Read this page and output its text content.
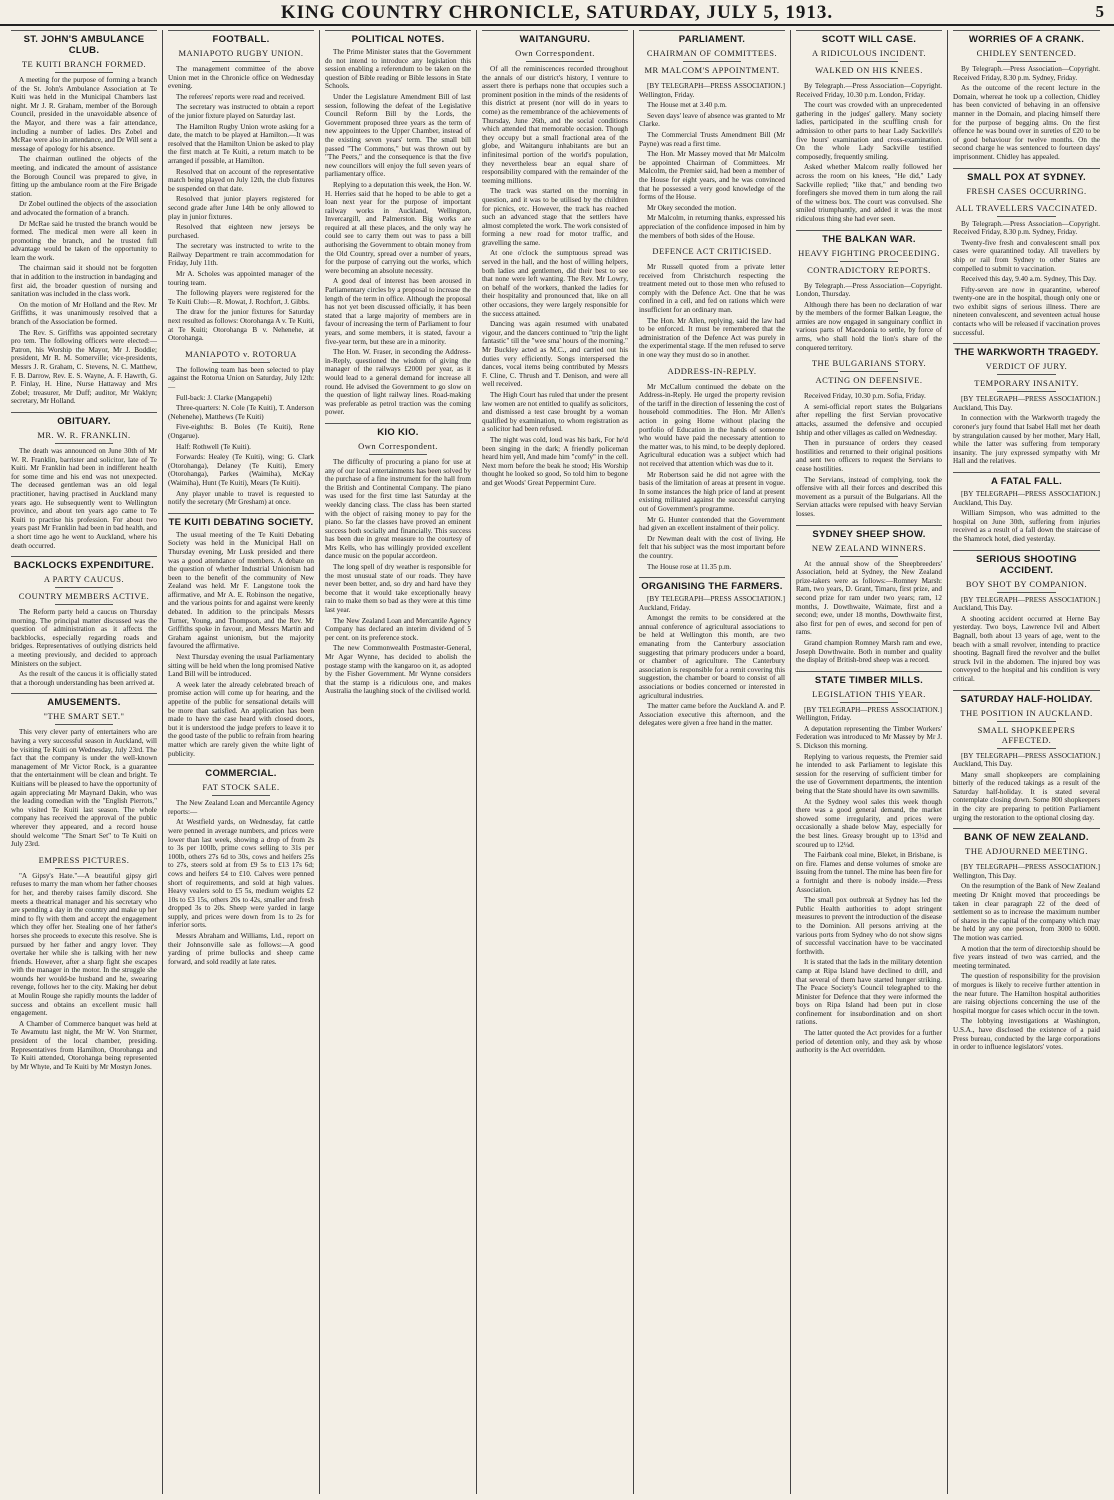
KING COUNTRY CHRONICLE, SATURDAY, JULY 5, 1913.	5
ST. JOHN'S AMBULANCE CLUB.
TE KUITI BRANCH FORMED.

A meeting for the purpose of forming a branch of the St. John's Ambulance Association at Te Kuiti was held in the Municipal Chambers last night. Mr J. R. Graham, member of the Borough Council, presided in the unavoidable absence of the Mayor, and there was a fair attendance, including a number of ladies. Drs Zobel and McRae were also in attendance, and Dr Will sent a message of apology for his absence.

The chairman outlined the objects of the meeting, and indicated the amount of assistance the Borough Council was prepared to give, in fitting up the ambulance room at the Fire Brigade station.

Dr Zobel outlined the objects of the association and advocated the formation of a branch.

Dr McRae said he trusted the branch would be formed. The medical men were all keen in promoting the branch, and he trusted full advantage would be taken of the opportunity to learn the work.

The chairman said it should not be forgotten that in addition to the instruction in bandaging and first aid, the broader question of nursing and sanitation was included in the class work.

On the motion of Mr Holland and the Rev. Mr Griffiths, it was unanimously resolved that a branch of the Association be formed.

The Rev. S. Griffiths was appointed secretary pro tem. The following officers were elected:— Patron, his Worship the Mayor, Mr J. Boddie; president, Mr R. M. Somerville; vice-presidents, Messrs J. R. Graham, C. Stevens, N. C. Matthew, F. B. Darrow, Rev. E. S. Wayne, A. F. Hawrth, G. P. Finlay, H. Hine, Nurse Hattaway and Mrs Zobel; treasurer, Mr Duff; auditor, Mr Waklyn; secretary, Mr Holland.

OBITUARY.
MR. W. R. FRANKLIN.

The death was announced on June 30th of Mr W. R. Franklin, barrister and solicitor, late of Te Kuiti. Mr Franklin had been in indifferent health for some time and his end was not unexpected. The deceased gentleman was an old legal practitioner, having practised in Auckland many years ago. He subsequently went to Wellington province, and about ten years ago came to Te Kuiti to practise his profession. For about two years past Mr Franklin had been in bad health, and a short time ago he went to Auckland, where his death occurred.

BACKLOCKS EXPENDITURE.
A PARTY CAUCUS.
COUNTRY MEMBERS ACTIVE.

The Reform party held a caucus on Thursday morning. The principal matter discussed was the question of administration as it affects the backblocks, especially regarding roads and bridges. Representatives of outlying districts held a meeting previously, and decided to approach Ministers on the subject.

As the result of the caucus it is officially stated that a thorough understanding has been arrived at.

AMUSEMENTS.
"THE SMART SET."

This very clever party of entertainers who are having a very successful season in Auckland, will be visiting Te Kuiti on Wednesday, July 23rd. The fact that the company is under the well-known management of Mr Victor Rock, is a guarantee that the entertainment will be clean and bright. Te Kuitians will be pleased to have the opportunity of again appreciating Mr Maynard Dakin, who was the leading comedian with the "English Pierrots," who visited Te Kuiti last season. The whole company has received the approval of the public wherever they appeared, and a record house should welcome "The Smart Set" to Te Kuiti on July 23rd.

EMPRESS PICTURES.

"A Gipsy's Hate."—A beautiful gipsy girl refuses to marry the man whom her father chooses for her, and thereby raises family discord. She meets a theatrical manager and his secretary who are spending a day in the country and make up her mind to fly with them and accept the engagement which they offer her. Stealing one of her father's horses she proceeds to execute this resolve. She is pursued by her father and angry lover. They overtake her while she is talking with her new friends. However, after a sharp fight she escapes with the manager in the motor. In the struggle she wounds her would-be husband and he, swearing revenge, follows her to the city. Making her debut at Moulin Rouge she rapidly mounts the ladder of success and obtains an excellent music hall engagement.

A Chamber of Commerce banquet was held at Te Awamutu last night, the Mr W. Von Sturmer, president of the local chamber, presiding. Representatives from Hamilton, Otorohanga and Te Kuiti attended, Otorohanga being represented by Mr Whyte, and Te Kuiti by Mr Mostyn Jones.

FOOTBALL.
MANIAPOTO RUGBY UNION.

The management committee of the above Union met in the Chronicle office on Wednesday evening.

The referees' reports were read and received.

The secretary was instructed to obtain a report of the junior fixture played on Saturday last.

The Hamilton Rugby Union wrote asking for a date, the match to be played at Hamilton.—It was resolved that the Hamilton Union be asked to play the first match at Te Kuiti, a return match to be arranged if possible, at Hamilton.

Resolved that on account of the representative match being played on July 12th, the club fixtures be suspended on that date.

Resolved that junior players registered for second grade after June 14th be only allowed to play in junior fixtures.

Resolved that eighteen new jerseys be purchased.

The secretary was instructed to write to the Railway Department re train accommodation for Friday, July 11th.

Mr A. Scholes was appointed manager of the touring team.

The following players were registered for the Te Kuiti Club:—R. Mowat, J. Rochfort, J. Gibbs.

The draw for the junior fixtures for Saturday next resulted as follows: Otorohanga A v. Te Kuiti, at Te Kuiti; Otorohanga B v. Nehenehe, at Otorohanga.

MANIAPOTO v. ROTORUA

The following team has been selected to play against the Rotorua Union on Saturday, July 12th:—

Full-back: J. Clarke (Mangapehi)

Three-quarters: N. Cole (Te Kuiti), T. Anderson (Nehenehe), Matthews (Te Kuiti)

Five-eighths: B. Boles (Te Kuiti), Rene (Ongarue).

Half: Rothwell (Te Kuiti).

Forwards: Healey (Te Kuiti), wing; G. Clark (Otorohanga), Delaney (Te Kuiti), Emery (Otorohanga), Parkes (Waimiha), McKay (Waimiha), Hunt (Te Kuiti), Mears (Te Kuiti).

Any player unable to travel is requested to notify the secretary (Mr Gresham) at once.

TE KUITI DEBATING SOCIETY.

The usual meeting of the Te Kuiti Debating Society was held in the Municipal Hall on Thursday evening, Mr Lusk presided and there was a good attendance of members. A debate on the question of whether Industrial Unionism had been to the benefit of the community of New Zealand was held. Mr F. Langstone took the affirmative, and Mr A. E. Robinson the negative, and the various points for and against were keenly debated. In addition to the principals Messrs Turner, Young, and Thompson, and the Rev. Mr Griffiths spoke in favour, and Messrs Martin and Graham against unionism, but the majority favoured the affirmative.

Next Thursday evening the usual Parliamentary sitting will be held when the long promised Native Land Bill will be introduced.

A week later the already celebrated breach of promise action will come up for hearing, and the appetite of the public for sensational details will be more than satisfied. An application has been made to have the case heard with closed doors, but it is understood the judge prefers to leave it to the good taste of the public to refrain from hearing matter which are rarely given the white light of publicity.

COMMERCIAL.
FAT STOCK SALE.

The New Zealand Loan and Mercantile Agency reports:—

At Westfield yards, on Wednesday, fat cattle were penned in average numbers, and prices were lower than last week, showing a drop of from 2s to 3s per 100lb, prime cows selling to 31s per 100lb, others 27s 6d to 30s, cows and heifers 25s to 27s, steers sold at from £9 5s to £13 17s 6d; cows and heifers £4 to £10. Calves were penned short of requirements, and sold at high values. Heavy vealers sold to £5 5s, medium weights £2 10s to £3 15s, others 20s to 42s, smaller and fresh dropped 3s to 20s. Sheep were yarded in large supply, and prices were down from 1s to 2s for inferior sorts.

Messrs Abraham and Williams, Ltd., report on their Johnsonville sale as follows:—A good yarding of prime bullocks and sheep came forward, and sold readily at late rates.

POLITICAL NOTES.

The Prime Minister states that the Government do not intend to introduce any legislation this session enabling a referendum to be taken on the question of Bible reading or Bible lessons in State Schools.

Under the Legislature Amendment Bill of last session, following the defeat of the Legislative Council Reform Bill by the Lords, the Government proposed three years as the term of new appointees to the Upper Chamber, instead of the existing seven years' term. The small bill passed "The Commons," but was thrown out by "The Peers," and the consequence is that the five new councillors will enjoy the full seven years of parliamentary office.

Replying to a deputation this week, the Hon. W. H. Herries said that he hoped to be able to get a loan next year for the purpose of important railway works in Auckland, Wellington, Invercargill, and Palmerston. Big works are required at all these places, and the only way he could see to carry them out was to pass a bill authorising the Government to obtain money from the Old Country, spread over a number of years, for the purpose of carrying out the works, which were becoming an absolute necessity.

A good deal of interest has been aroused in Parliamentary circles by a proposal to increase the length of the term in office. Although the proposal has not yet been discussed officially, it has been stated that a large majority of members are in favour of increasing the term of Parliament to four years, and some members, it is stated, favour a five-year term, but these are in a minority.

The Hon. W. Fraser, in seconding the Address-in-Reply, questioned the wisdom of giving the manager of the railways £2000 per year, as it would lead to a general demand for increase all round. He advised the Government to go slow on the question of light railway lines. Road-making was preferable as petrol traction was the coming power.

KIO KIO.
Own Correspondent.

The difficulty of procuring a piano for use at any of our local entertainments has been solved by the purchase of a fine instrument for the hall from the British and Continental Company. The piano was used for the first time last Saturday at the weekly dancing class. The class has been started with the object of raising money to pay for the piano. So far the classes have proved an eminent success both socially and financially. This success has been due in great measure to the courtesy of Mrs Kells, who has willingly provided excellent dance music on the popular accordeon.

The long spell of dry weather is responsible for the most unusual state of our roads. They have never been better, and, so dry and hard have they become that it would take exceptionally heavy rain to make them so bad as they were at this time last year.

The New Zealand Loan and Mercantile Agency Company has declared an interim dividend of 5 per cent. on its preference stock.

The new Commonwealth Postmaster-General, Mr Agar Wynne, has decided to abolish the postage stamp with the kangaroo on it, as adopted by the Fisher Government. Mr Wynne considers that the stamp is a ridiculous one, and makes Australia the laughing stock of the civilised world.

WAITANGURU.
Own Correspondent.

Of all the reminiscences recorded throughout the annals of our district's history, I venture to assert there is perhaps none that occupies such a prominent position in the minds of the residents of this district at present (nor will do in years to come) as the remembrance of the achievements of Thursday, June 26th, and the social conditions which attended that memorable occasion. Though they occupy but a small fractional area of the globe, and Waitanguru inhabitants are but an infinitesimal portion of the world's population, they nevertheless bear an equal share of responsibility compared with the remainder of the teeming millions.

The track was started on the morning in question, and it was to be utilised by the children for picnics, etc. However, the track has reached such an advanced stage that the settlers have almost completed the work. The work consisted of forming a new road for motor traffic, and gravelling the same.

At one o'clock the sumptuous spread was served in the hall, and the host of willing helpers, both ladies and gentlemen, did their best to see that none were left wanting. The Rev. Mr Lowry, on behalf of the workers, thanked the ladies for their hospitality and pronounced that, like on all other occasions, they were largely responsible for the success attained.

Dancing was again resumed with unabated vigour, and the dancers continued to "trip the light fantastic" till the "wee sma' hours of the morning." Mr Buckley acted as M.C., and carried out his duties very efficiently. Songs interspersed the dances, vocal items being contributed by Messrs F. Cline, C. Thrush and T. Denison, and were all well received.

The High Court has ruled that under the present law women are not entitled to qualify as solicitors, and dismissed a test case brought by a woman qualified by examination, to whom registration as a solicitor had been refused.

The night was cold, loud was his bark, For he'd been singing in the dark; A friendly policeman heard him yell, And made him "comfy" in the cell. Next morn before the beak he stood; His Worship thought he looked so good, So told him to begone and get Woods' Great Peppermint Cure.

PARLIAMENT.
CHAIRMAN OF COMMITTEES.
MR MALCOM'S APPOINTMENT.

[BY TELEGRAPH—PRESS ASSOCIATION.] Wellington, Friday.

The House met at 3.40 p.m.

Seven days' leave of absence was granted to Mr Clarke.

The Commercial Trusts Amendment Bill (Mr Payne) was read a first time.

The Hon. Mr Massey moved that Mr Malcolm be appointed Chairman of Committees. Mr Malcolm, the Premier said, had been a member of the House for eight years, and he was convinced that he possessed a very good knowledge of the forms of the House.

Mr Okey seconded the motion.

Mr Malcolm, in returning thanks, expressed his appreciation of the confidence imposed in him by the members of both sides of the House.

DEFENCE ACT CRITICISED.

Mr Russell quoted from a private letter received from Christchurch respecting the treatment meted out to those men who refused to comply with the Defence Act. One that he was confined in a cell, and fed on rations which were insufficient for an ordinary man.

The Hon. Mr Allen, replying, said the law had to be enforced. It must be remembered that the administration of the Defence Act was purely in the experimental stage. If the men refused to serve in one way they must do so in another.

ADDRESS-IN-REPLY.

Mr McCallum continued the debate on the Address-in-Reply. He urged the property revision of the tariff in the direction of lessening the cost of household commodities. The Hon. Mr Allen's action in going Home without placing the portfolio of Education in the hands of someone who would have paid the necessary attention to the matter was, to his mind, to be deeply deplored. Agricultural education was a subject which had not received that attention which was due to it.

Mr Robertson said he did not agree with the basis of the limitation of areas at present in vogue. In some instances the high price of land at present existing militated against the successful carrying out of Government's programme.

Mr G. Hunter contended that the Government had given an excellent instalment of their policy.

Dr Newman dealt with the cost of living. He felt that his subject was the most important before the country.

The House rose at 11.35 p.m.

ORGANISING THE FARMERS.

[BY TELEGRAPH—PRESS ASSOCIATION.] Auckland, Friday.

Amongst the remits to be considered at the annual conference of agricultural associations to be held at Wellington this month, are two emanating from the Canterbury association suggesting that primary producers under a board, or chamber of agriculture. The Canterbury association is responsible for a remit covering this suggestion, the chamber or board to consist of all associations or bodies concerned or interested in agricultural industries.

The matter came before the Auckland A. and P. Association executive this afternoon, and the delegates were given a free hand in the matter.

SCOTT WILL CASE.
A RIDICULOUS INCIDENT.
WALKED ON HIS KNEES.

By Telegraph.—Press Association—Copyright. Received Friday, 10.30 p.m. London, Friday.

The court was crowded with an unprecedented gathering in the judges' gallery. Many society ladies, participated in the scuffling crush for admission to other parts to hear Lady Sackville's five hours' examination and cross-examination. On the whole Lady Sackville testified composedly, frequently smiling.

Asked whether Malcom really followed her across the room on his knees, "He did," Lady Sackville replied; "like that," and bending two forefingers she moved them in turn along the rail of the witness box. The court was convulsed. She smiled triumphantly, and added it was the most ridiculous thing she had ever seen.

THE BALKAN WAR.
HEAVY FIGHTING PROCEEDING.
CONTRADICTORY REPORTS.

By Telegraph.—Press Association—Copyright. London, Thursday.

Although there has been no declaration of war by the members of the former Balkan League, the armies are now engaged in sanguinary conflict in various parts of Macedonia to settle, by force of arms, who shall hold the lion's share of the conquered territory.

THE BULGARIANS STORY.
ACTING ON DEFENSIVE.

Received Friday, 10.30 p.m. Sofia, Friday.

A semi-official report states the Bulgarians after repelling the first Servian provocative attacks, assumed the defensive and occupied Ishtip and other villages as called on Wednesday.

Then in pursuance of orders they ceased hostilities and returned to their original positions and sent two officers to request the Servians to cease hostilities.

The Servians, instead of complying, took the offensive with all their forces and described this movement as a pursuit of the Bulgarians. All the Servian attacks were repulsed with heavy Servian losses.

SYDNEY SHEEP SHOW.
NEW ZEALAND WINNERS.

At the annual show of the Sheepbreeders' Association, held at Sydney, the New Zealand prize-takers were as follows:—Romney Marsh: Ram, two years, D. Grant, Timaru, first prize, and second prize for ram under two years; ram, 12 months, J. Dowthwaite, Waimate, first and a second; ewe, under 18 months, Dowthwaite first, also first for pen of ewes, and second for pen of rams.

Grand champion Romney Marsh ram and ewe, Joseph Dowthwaite. Both in number and quality the display of British-bred sheep was a record.

STATE TIMBER MILLS.
LEGISLATION THIS YEAR.

[BY TELEGRAPH—PRESS ASSOCIATION.] Wellington, Friday.

A deputation representing the Timber Workers' Federation was introduced to Mr Massey by Mr J. S. Dickson this morning.

Replying to various requests, the Premier said he intended to ask Parliament to legislate this session for the reserving of sufficient timber for the use of Government departments, the intention being that the State should have its own sawmills.

At the Sydney wool sales this week though there was a good general demand, the market showed some irregularity, and prices were occasionally a shade below May, especially for the best lines. Greasy brought up to 13½d and scoured up to 12¼d.

The Fairbank coal mine, Bleket, in Brisbane, is on fire. Flames and dense volumes of smoke are issuing from the tunnel. The mine has been fire for a fortnight and there is nobody inside.—Press Association.

The small pox outbreak at Sydney has led the Public Health authorities to adopt stringent measures to prevent the introduction of the disease to the Dominion. All persons arriving at the various ports from Sydney who do not show signs of successful vaccination have to be vaccinated forthwith.

It is stated that the lads in the military detention camp at Ripa Island have declined to drill, and that several of them have started hunger striking. The Peace Society's Council telegraphed to the Minister for Defence that they were informed the boys on Ripa Island had been put in close confinement for insubordination and on short rations.

The latter quoted the Act provides for a further period of detention only, and they ask by whose authority is the Act overridden.

WORRIES OF A CRANK.
CHIDLEY SENTENCED.

By Telegraph.—Press Association—Copyright. Received Friday, 8.30 p.m. Sydney, Friday.

As the outcome of the recent lecture in the Domain, whereat he took up a collection, Chidley has been convicted of behaving in an offensive manner in the Domain, and placing himself there for the purpose of begging alms. On the first offence he was bound over in sureties of £20 to be of good behaviour for twelve months. On the second charge he was sentenced to fourteen days' imprisonment. Chidley has appealed.

SMALL POX AT SYDNEY.
FRESH CASES OCCURRING.
ALL TRAVELLERS VACCINATED.

By Telegraph.—Press Association—Copyright. Received Friday, 8.30 p.m. Sydney, Friday.

Twenty-five fresh and convalescent small pox cases were quarantined today. All travellers by ship or rail from Sydney to other States are compelled to submit to vaccination.

Received this day, 9.40 a.m. Sydney, This Day.

Fifty-seven are now in quarantine, whereof twenty-one are in the hospital, though only one or two exhibit signs of serious illness. There are nineteen convalescent, and seventeen actual house contacts who will be released if vaccination proves successful.

THE WARKWORTH TRAGEDY.
VERDICT OF JURY.
TEMPORARY INSANITY.

[BY TELEGRAPH—PRESS ASSOCIATION.] Auckland, This Day.

In connection with the Warkworth tragedy the coroner's jury found that Isabel Hall met her death by strangulation caused by her mother, Mary Hall, while the latter was suffering from temporary insanity. The jury expressed sympathy with Mr Hall and the relatives.

A FATAL FALL.

[BY TELEGRAPH—PRESS ASSOCIATION.] Auckland, This Day.

William Simpson, who was admitted to the hospital on June 30th, suffering from injuries received as a result of a fall down the staircase of the Shamrock hotel, died yesterday.

SERIOUS SHOOTING ACCIDENT.
BOY SHOT BY COMPANION.

[BY TELEGRAPH—PRESS ASSOCIATION.] Auckland, This Day.

A shooting accident occurred at Herne Bay yesterday. Two boys, Lawrence Ivil and Albert Bagnall, both about 13 years of age, went to the beach with a small revolver, intending to practice shooting. Bagnall fired the revolver and the bullet struck Ivil in the abdomen. The injured boy was conveyed to the hospital and his condition is very critical.

SATURDAY HALF-HOLIDAY.
THE POSITION IN AUCKLAND.
SMALL SHOPKEEPERS AFFECTED.

[BY TELEGRAPH—PRESS ASSOCIATION.] Auckland, This Day.

Many small shopkeepers are complaining bitterly of the reduced takings as a result of the Saturday half-holiday. It is stated several contemplate closing down. Some 800 shopkeepers in the city are preparing to petition Parliament urging the restoration to the optional closing day.

BANK OF NEW ZEALAND.
THE ADJOURNED MEETING.

[BY TELEGRAPH—PRESS ASSOCIATION.] Wellington, This Day.

On the resumption of the Bank of New Zealand meeting Dr Knight moved that proceedings be taken in clear paragraph 22 of the deed of settlement so as to increase the maximum number of shares in the capital of the company which may be held by any one person, from 3000 to 6000. The motion was carried.

A motion that the term of directorship should be five years instead of two was carried, and the meeting terminated.

The question of responsibility for the provision of morgues is likely to receive further attention in the near future. The Hamilton hospital authorities are raising objections concerning the use of the hospital morgue for cases which occur in the town.

The lobbying investigations at Washington, U.S.A., have disclosed the existence of a paid Press bureau, conducted by the large corporations in order to influence legislators' votes.
